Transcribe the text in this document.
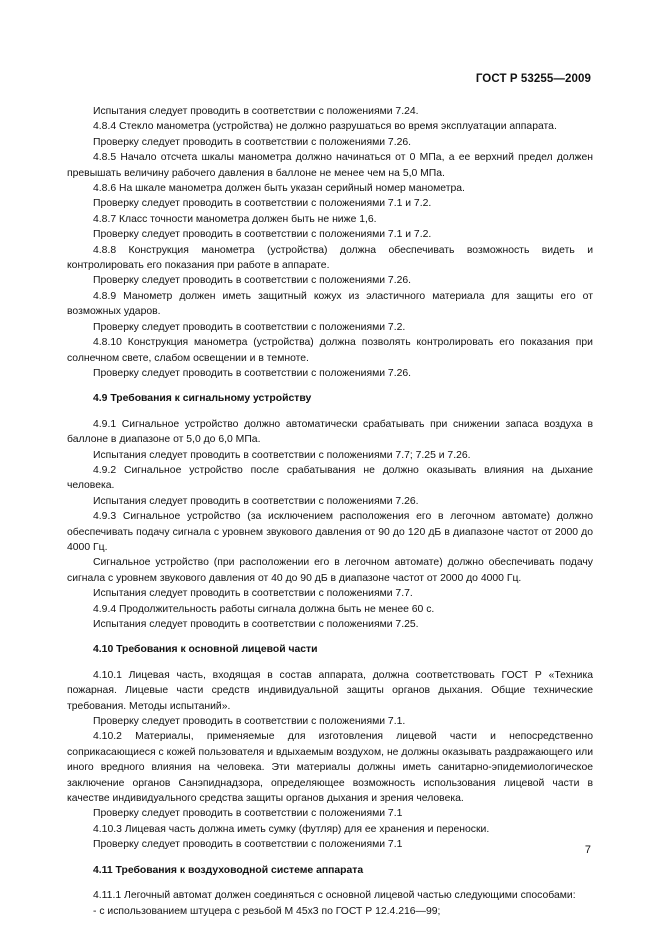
ГОСТ Р 53255—2009

Испытания следует проводить в соответствии с положениями 7.24.

4.8.4 Стекло манометра (устройства) не должно разрушаться во время эксплуатации аппарата.

Проверку следует проводить в соответствии с положениями 7.26.

4.8.5 Начало отсчета шкалы манометра должно начинаться от 0 МПа, а ее верхний предел должен превышать величину рабочего давления в баллоне не менее чем на 5,0 МПа.

4.8.6 На шкале манометра должен быть указан серийный номер манометра.

Проверку следует проводить в соответствии с положениями 7.1 и 7.2.

4.8.7 Класс точности манометра должен быть не ниже 1,6.

Проверку следует проводить в соответствии с положениями 7.1 и 7.2.

4.8.8 Конструкция манометра (устройства) должна обеспечивать возможность видеть и контролировать его показания при работе в аппарате.

Проверку следует проводить в соответствии с положениями 7.26.

4.8.9 Манометр должен иметь защитный кожух из эластичного материала для защиты его от возможных ударов.

Проверку следует проводить в соответствии с положениями 7.2.

4.8.10 Конструкция манометра (устройства) должна позволять контролировать его показания при солнечном свете, слабом освещении и в темноте.

Проверку следует проводить в соответствии с положениями 7.26.

4.9 Требования к сигнальному устройству

4.9.1 Сигнальное устройство должно автоматически срабатывать при снижении запаса воздуха в баллоне в диапазоне от 5,0 до 6,0 МПа.

Испытания следует проводить в соответствии с положениями 7.7; 7.25 и 7.26.

4.9.2 Сигнальное устройство после срабатывания не должно оказывать влияния на дыхание человека.

Испытания следует проводить в соответствии с положениями 7.26.

4.9.3 Сигнальное устройство (за исключением расположения его в легочном автомате) должно обеспечивать подачу сигнала с уровнем звукового давления от 90 до 120 дБ в диапазоне частот от 2000 до 4000 Гц.

Сигнальное устройство (при расположении его в легочном автомате) должно обеспечивать подачу сигнала с уровнем звукового давления от 40 до 90 дБ в диапазоне частот от 2000 до 4000 Гц.

Испытания следует проводить в соответствии с положениями 7.7.

4.9.4 Продолжительность работы сигнала должна быть не менее 60 с.

Испытания следует проводить в соответствии с положениями 7.25.

4.10 Требования к основной лицевой части

4.10.1 Лицевая часть, входящая в состав аппарата, должна соответствовать ГОСТ Р «Техника пожарная. Лицевые части средств индивидуальной защиты органов дыхания. Общие технические требования. Методы испытаний».

Проверку следует проводить в соответствии с положениями 7.1.

4.10.2 Материалы, применяемые для изготовления лицевой части и непосредственно соприкасающиеся с кожей пользователя и вдыхаемым воздухом, не должны оказывать раздражающего или иного вредного влияния на человека. Эти материалы должны иметь санитарно-эпидемиологическое заключение органов Санэпиднадзора, определяющее возможность использования лицевой части в качестве индивидуального средства защиты органов дыхания и зрения человека.

Проверку следует проводить в соответствии с положениями 7.1

4.10.3 Лицевая часть должна иметь сумку (футляр) для ее хранения и переноски.

Проверку следует проводить в соответствии с положениями 7.1

4.11 Требования к воздуховодной системе аппарата

4.11.1 Легочный автомат должен соединяться с основной лицевой частью следующими способами:

- с использованием штуцера с резьбой М 45х3 по ГОСТ Р 12.4.216—99;

7
